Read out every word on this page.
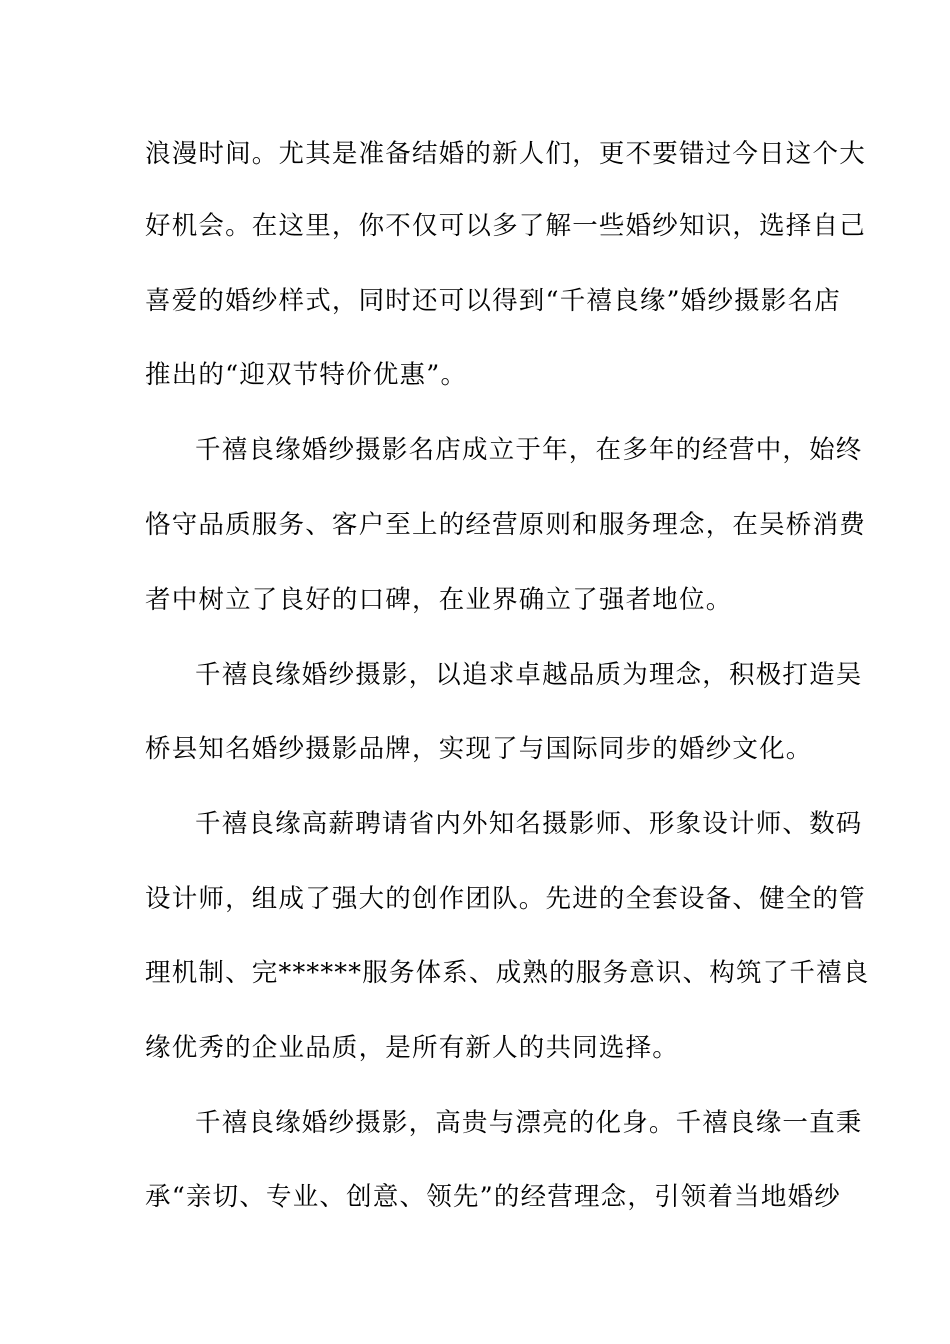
浪漫时间。尤其是准备结婚的新人们，更不要错过今日这个大
好机会。在这里，你不仅可以多了解一些婚纱知识，选择自己
喜爱的婚纱样式，同时还可以得到“千禧良缘”婚纱摄影名店
推出的“迎双节特价优惠”。
千禧良缘婚纱摄影名店成立于年，在多年的经营中，始终
恪守品质服务、客户至上的经营原则和服务理念，在吴桥消费
者中树立了良好的口碑，在业界确立了强者地位。
千禧良缘婚纱摄影，以追求卓越品质为理念，积极打造吴
桥县知名婚纱摄影品牌，实现了与国际同步的婚纱文化。
千禧良缘高薪聘请省内外知名摄影师、形象设计师、数码
设计师，组成了强大的创作团队。先进的全套设备、健全的管
理机制、完******服务体系、成熟的服务意识、构筑了千禧良
缘优秀的企业品质，是所有新人的共同选择。
千禧良缘婚纱摄影，高贵与漂亮的化身。千禧良缘一直秉
承“亲切、专业、创意、领先”的经营理念，引领着当地婚纱
